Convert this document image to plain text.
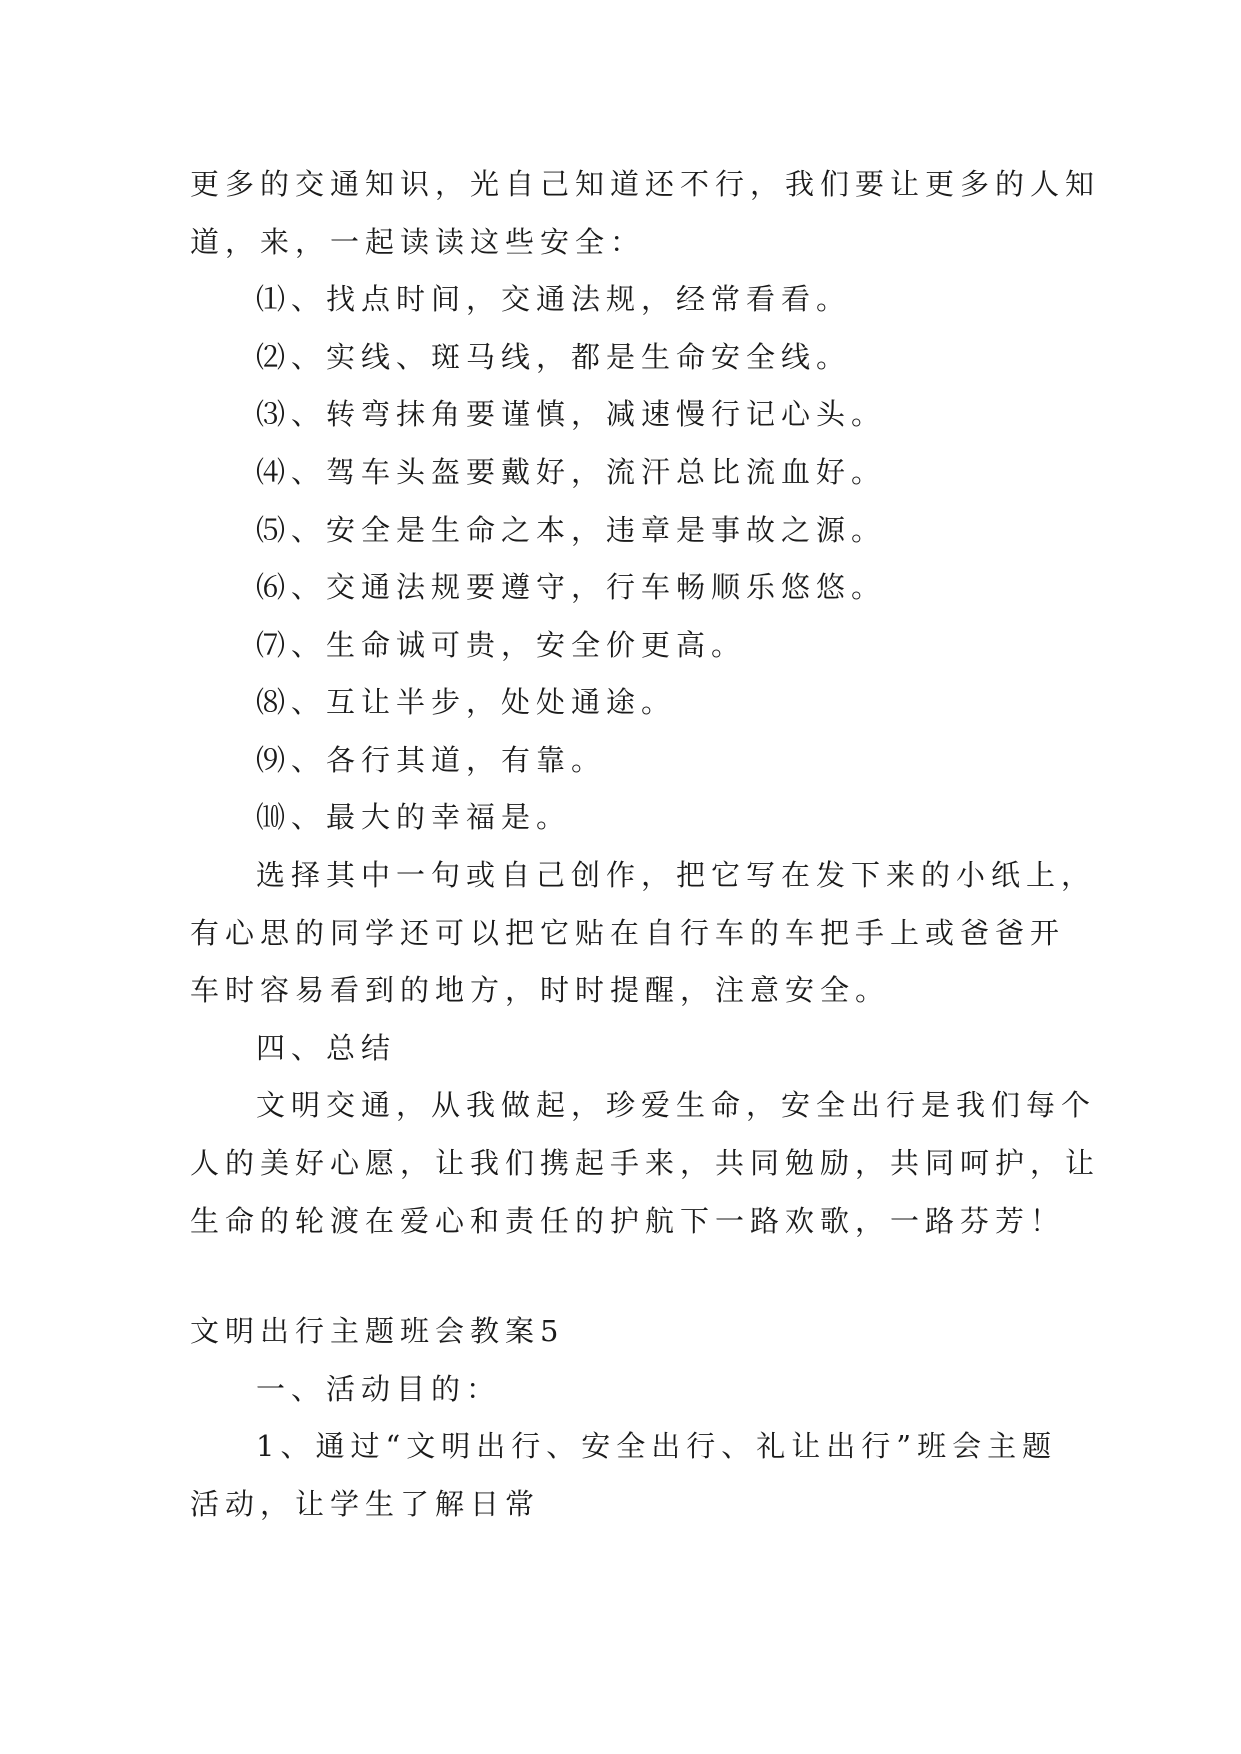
更多的交通知识，光自己知道还不行，我们要让更多的人知
道，来，一起读读这些安全：
⑴、找点时间，交通法规，经常看看。
⑵、实线、斑马线，都是生命安全线。
⑶、转弯抹角要谨慎，减速慢行记心头。
⑷、驾车头盔要戴好，流汗总比流血好。
⑸、安全是生命之本，违章是事故之源。
⑹、交通法规要遵守，行车畅顺乐悠悠。
⑺、生命诚可贵，安全价更高。
⑻、互让半步，处处通途。
⑼、各行其道，有靠。
⑽、最大的幸福是。
选择其中一句或自己创作，把它写在发下来的小纸上，
有心思的同学还可以把它贴在自行车的车把手上或爸爸开
车时容易看到的地方，时时提醒，注意安全。
四、总结
文明交通，从我做起，珍爱生命，安全出行是我们每个
人的美好心愿，让我们携起手来，共同勉励，共同呵护，让
生命的轮渡在爱心和责任的护航下一路欢歌，一路芬芳！
文明出行主题班会教案5
一、活动目的：
1、通过“文明出行、安全出行、礼让出行”班会主题
活动，让学生了解日常
